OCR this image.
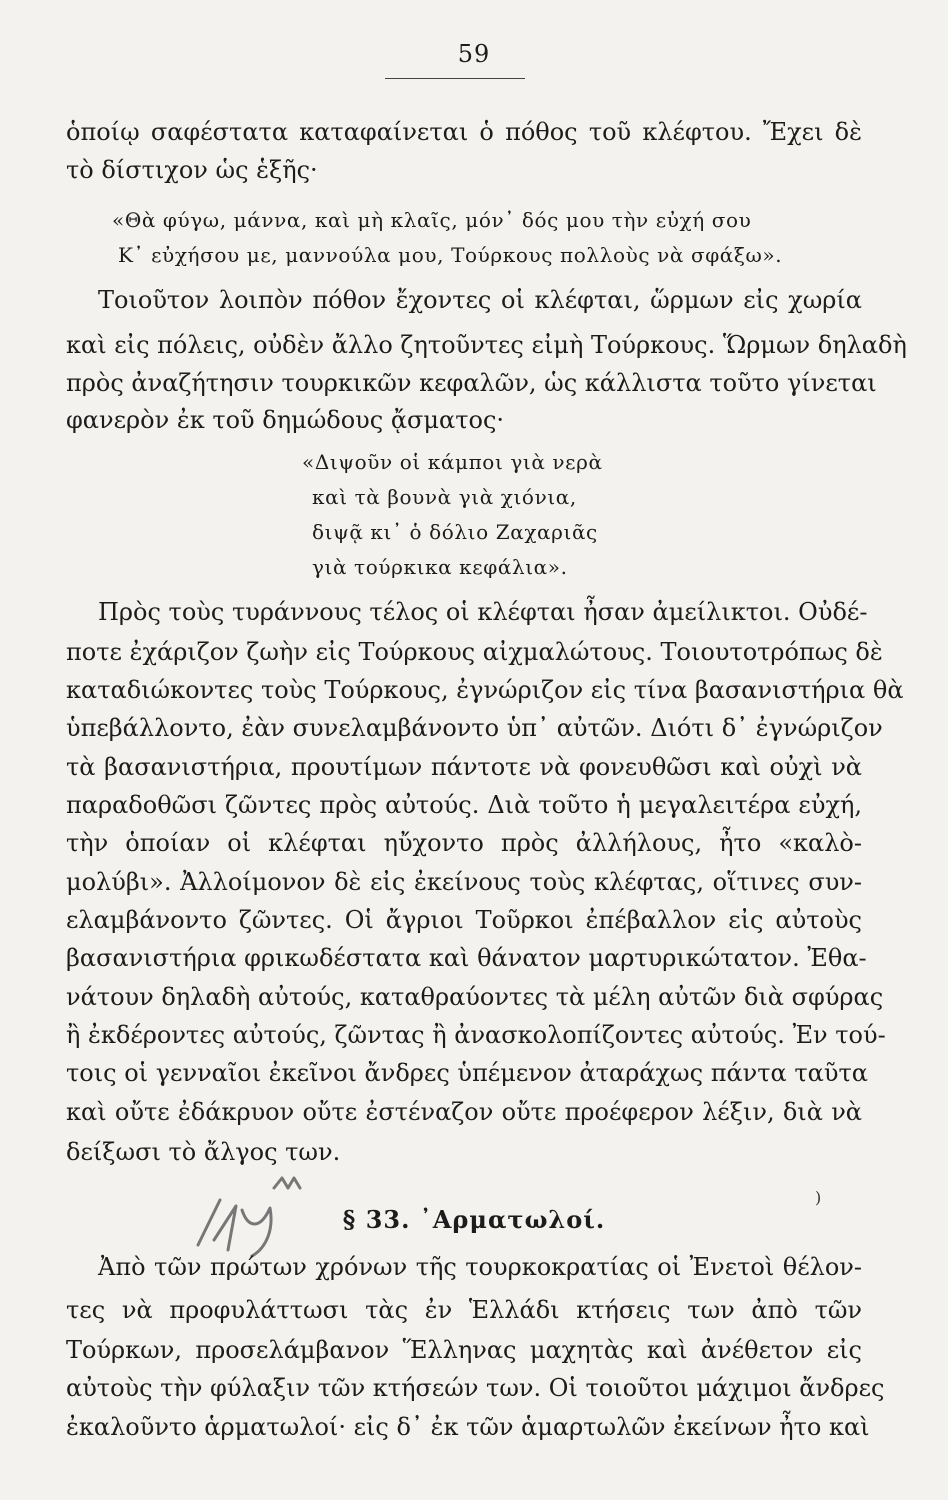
59
ὁποίῳ σαφέστατα καταφαίνεται ὁ πόθος τοῦ κλέφτου. Ἔχει δὲ
τὸ δίστιχον ὡς ἑξῆς·
«Θὰ φύγω, μάννα, καὶ μὴ κλαῖς, μόν᾽ δός μου τὴν εὐχή σου
Κ᾽ εὐχήσου με, μαννούλα μου, Τούρκους πολλοὺς νὰ σφάξω».
Τοιοῦτον λοιπὸν πόθον ἔχοντες οἱ κλέφται, ὥρμων εἰς χωρία
καὶ εἰς πόλεις, οὐδὲν ἄλλο ζητοῦντες εἰμὴ Τούρκους. Ὥρμων δηλαδὴ
πρὸς ἀναζήτησιν τουρκικῶν κεφαλῶν, ὡς κάλλιστα τοῦτο γίνεται
φανερὸν ἐκ τοῦ δημώδους ᾄσματος·
«Διψοῦν οἱ κάμποι γιὰ νερὰ
καὶ τὰ βουνὰ γιὰ χιόνια,
διψᾷ κι᾽ ὁ δόλιο Ζαχαριᾶς
γιὰ τούρκικα κεφάλια».
Πρὸς τοὺς τυράννους τέλος οἱ κλέφται ἦσαν ἀμείλικτοι. Οὐδέ-
ποτε ἐχάριζον ζωὴν εἰς Τούρκους αἰχμαλώτους. Τοιουτοτρόπως δὲ
καταδιώκοντες τοὺς Τούρκους, ἐγνώριζον εἰς τίνα βασανιστήρια θὰ
ὑπεβάλλοντο, ἐὰν συνελαμβάνοντο ὑπ᾽ αὐτῶν. Διότι δ᾽ ἐγνώριζον
τὰ βασανιστήρια, προυτίμων πάντοτε νὰ φονευθῶσι καὶ οὐχὶ νὰ
παραδοθῶσι ζῶντες πρὸς αὐτούς. Διὰ τοῦτο ἡ μεγαλειτέρα εὐχή,
τὴν ὁποίαν οἱ κλέφται ηὔχοντο πρὸς ἀλλήλους, ἦτο «καλὸ-
μολύβι». Ἀλλοίμονον δὲ εἰς ἐκείνους τοὺς κλέφτας, οἵτινες συν-
ελαμβάνοντο ζῶντες. Οἱ ἄγριοι Τοῦρκοι ἐπέβαλλον εἰς αὐτοὺς
βασανιστήρια φρικωδέστατα καὶ θάνατον μαρτυρικώτατον. Ἐθα-
νάτουν δηλαδὴ αὐτούς, καταθραύοντες τὰ μέλη αὐτῶν διὰ σφύρας
ἢ ἐκδέροντες αὐτούς, ζῶντας ἢ ἀνασκολοπίζοντες αὐτούς. Ἐν τού-
τοις οἱ γενναῖοι ἐκεῖνοι ἄνδρες ὑπέμενον ἀταράχως πάντα ταῦτα
καὶ οὔτε ἐδάκρυον οὔτε ἐστέναζον οὔτε προέφερον λέξιν, διὰ νὰ
δείξωσι τὸ ἄλγος των.
)
§ 33. ᾿Αρματωλοί.
Ἀπὸ τῶν πρώτων χρόνων τῆς τουρκοκρατίας οἱ Ἐνετοὶ θέλον-
τες νὰ προφυλάττωσι τὰς ἐν Ἑλλάδι κτήσεις των ἀπὸ τῶν
Τούρκων, προσελάμβανον Ἕλληνας μαχητὰς καὶ ἀνέθετον εἰς
αὐτοὺς τὴν φύλαξιν τῶν κτήσεών των. Οἱ τοιοῦτοι μάχιμοι ἄνδρες
ἐκαλοῦντο ἁρματωλοί· εἰς δ᾽ ἐκ τῶν ἁμαρτωλῶν ἐκείνων ἦτο καὶ
